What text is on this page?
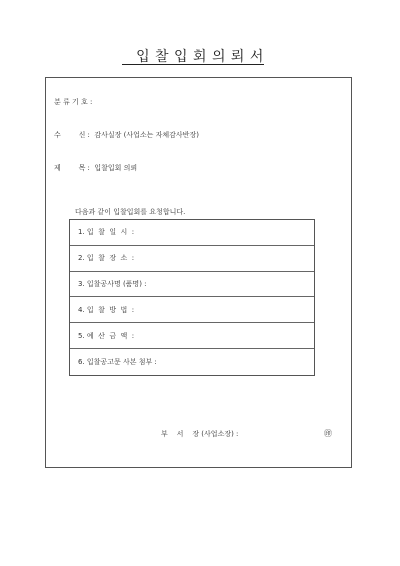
입 찰 입 회 의 뢰 서
분 류 기 호 :
수        신 :  감사실장 (사업소는 자체감사반장)
제        목 :  입찰입회 의뢰
다음과 같이 입찰입회를 요청합니다.
1. 입  찰  일  시  :
2. 입  찰  장  소  :
3. 입찰공사명 (품명) :
4. 입  찰  방  법  :
5. 예  산  금  액  :
6. 입찰공고문 사본 첨부 :
부    서    장 (사업소장) :	㊞
